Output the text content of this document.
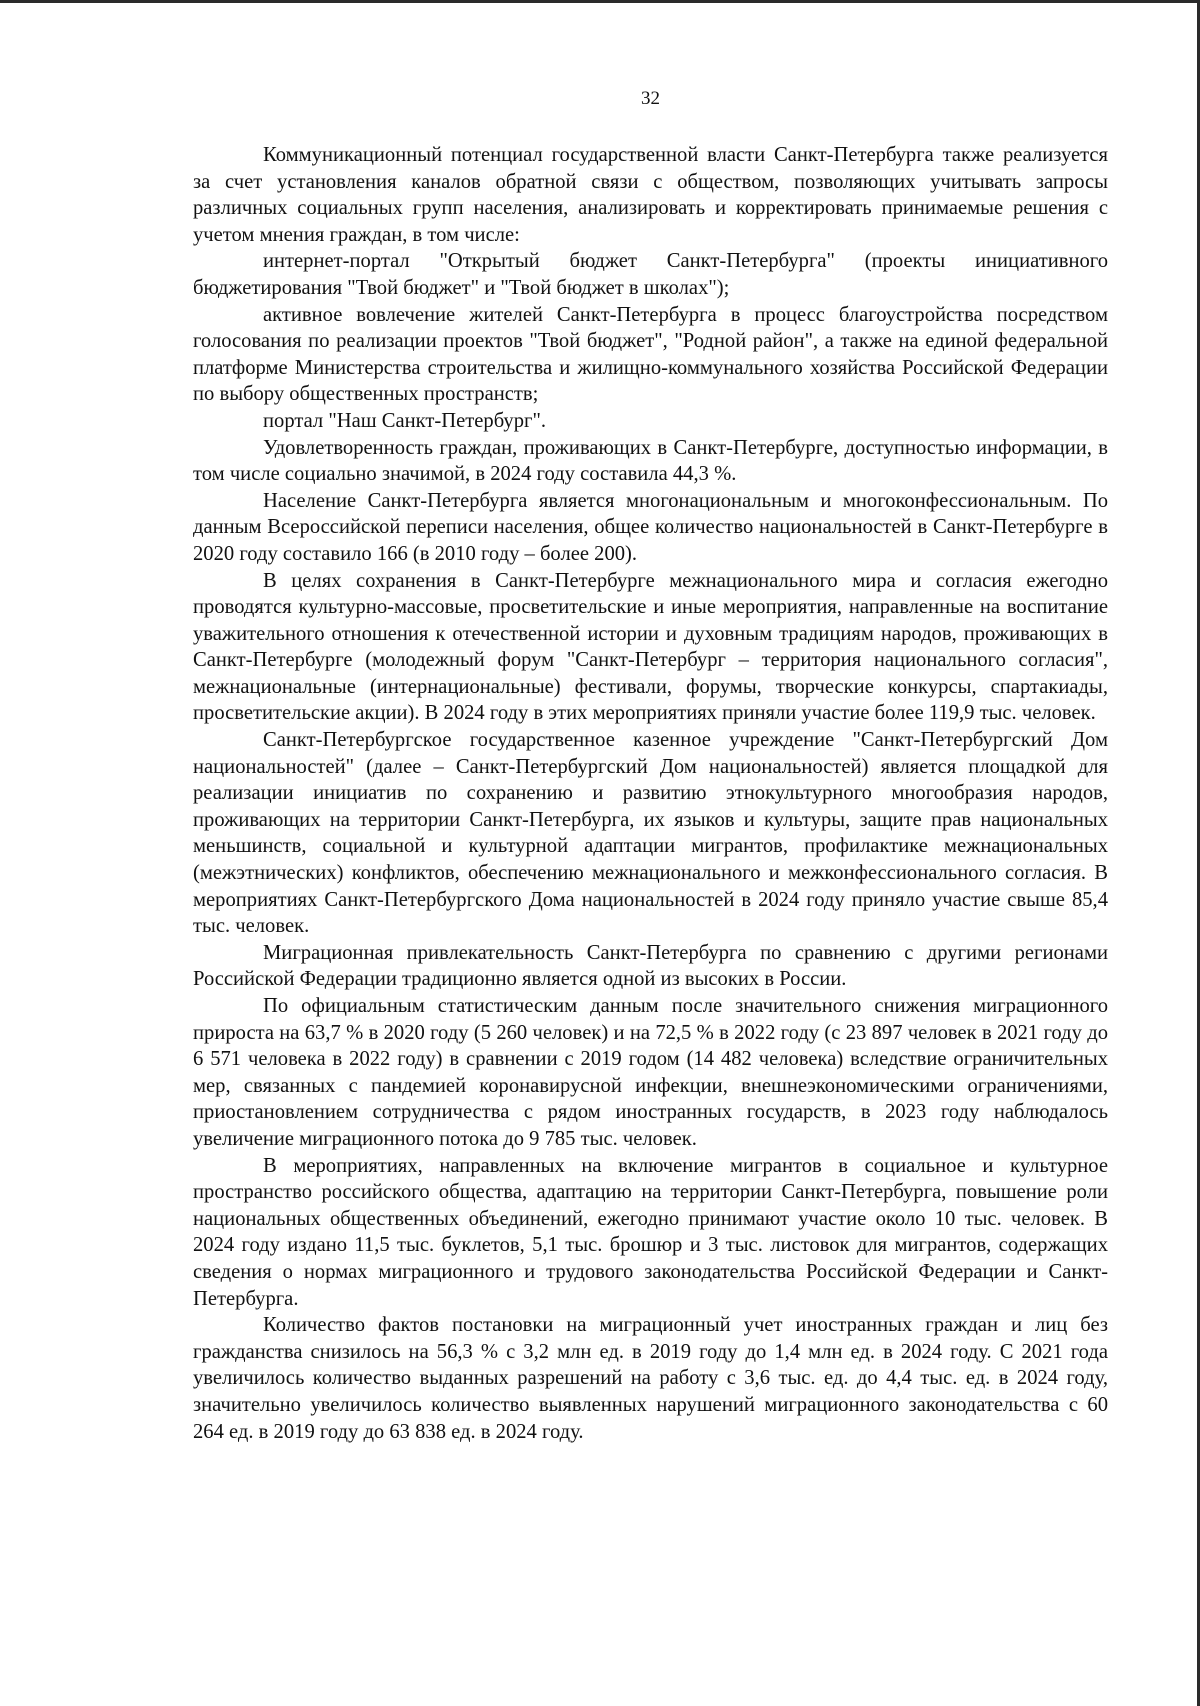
32

Коммуникационный потенциал государственной власти Санкт-Петербурга также реализуется за счет установления каналов обратной связи с обществом, позволяющих учитывать запросы различных социальных групп населения, анализировать и корректировать принимаемые решения с учетом мнения граждан, в том числе:

интернет-портал "Открытый бюджет Санкт-Петербурга" (проекты инициативного бюджетирования "Твой бюджет" и "Твой бюджет в школах");

активное вовлечение жителей Санкт-Петербурга в процесс благоустройства посредством голосования по реализации проектов "Твой бюджет", "Родной район", а также на единой федеральной платформе Министерства строительства и жилищно-коммунального хозяйства Российской Федерации по выбору общественных пространств;

портал "Наш Санкт-Петербург".

Удовлетворенность граждан, проживающих в Санкт-Петербурге, доступностью информации, в том числе социально значимой, в 2024 году составила 44,3 %.

Население Санкт-Петербурга является многонациональным и многоконфессиональным. По данным Всероссийской переписи населения, общее количество национальностей в Санкт-Петербурге в 2020 году составило 166 (в 2010 году – более 200).

В целях сохранения в Санкт-Петербурге межнационального мира и согласия ежегодно проводятся культурно-массовые, просветительские и иные мероприятия, направленные на воспитание уважительного отношения к отечественной истории и духовным традициям народов, проживающих в Санкт-Петербурге (молодежный форум "Санкт-Петербург – территория национального согласия", межнациональные (интернациональные) фестивали, форумы, творческие конкурсы, спартакиады, просветительские акции). В 2024 году в этих мероприятиях приняли участие более 119,9 тыс. человек.

Санкт-Петербургское государственное казенное учреждение "Санкт-Петербургский Дом национальностей" (далее – Санкт-Петербургский Дом национальностей) является площадкой для реализации инициатив по сохранению и развитию этнокультурного многообразия народов, проживающих на территории Санкт-Петербурга, их языков и культуры, защите прав национальных меньшинств, социальной и культурной адаптации мигрантов, профилактике межнациональных (межэтнических) конфликтов, обеспечению межнационального и межконфессионального согласия. В мероприятиях Санкт-Петербургского Дома национальностей в 2024 году приняло участие свыше 85,4 тыс. человек.

Миграционная привлекательность Санкт-Петербурга по сравнению с другими регионами Российской Федерации традиционно является одной из высоких в России.

По официальным статистическим данным после значительного снижения миграционного прироста на 63,7 % в 2020 году (5 260 человек) и на 72,5 % в 2022 году (с 23 897 человек в 2021 году до 6 571 человека в 2022 году) в сравнении с 2019 годом (14 482 человека) вследствие ограничительных мер, связанных с пандемией коронавирусной инфекции, внешнеэкономическими ограничениями, приостановлением сотрудничества с рядом иностранных государств, в 2023 году наблюдалось увеличение миграционного потока до 9 785 тыс. человек.

В мероприятиях, направленных на включение мигрантов в социальное и культурное пространство российского общества, адаптацию на территории Санкт-Петербурга, повышение роли национальных общественных объединений, ежегодно принимают участие около 10 тыс. человек. В 2024 году издано 11,5 тыс. буклетов, 5,1 тыс. брошюр и 3 тыс. листовок для мигрантов, содержащих сведения о нормах миграционного и трудового законодательства Российской Федерации и Санкт-Петербурга.

Количество фактов постановки на миграционный учет иностранных граждан и лиц без гражданства снизилось на 56,3 % с 3,2 млн ед. в 2019 году до 1,4 млн ед. в 2024 году. С 2021 года увеличилось количество выданных разрешений на работу с 3,6 тыс. ед. до 4,4 тыс. ед. в 2024 году, значительно увеличилось количество выявленных нарушений миграционного законодательства с 60 264 ед. в 2019 году до 63 838 ед. в 2024 году.
